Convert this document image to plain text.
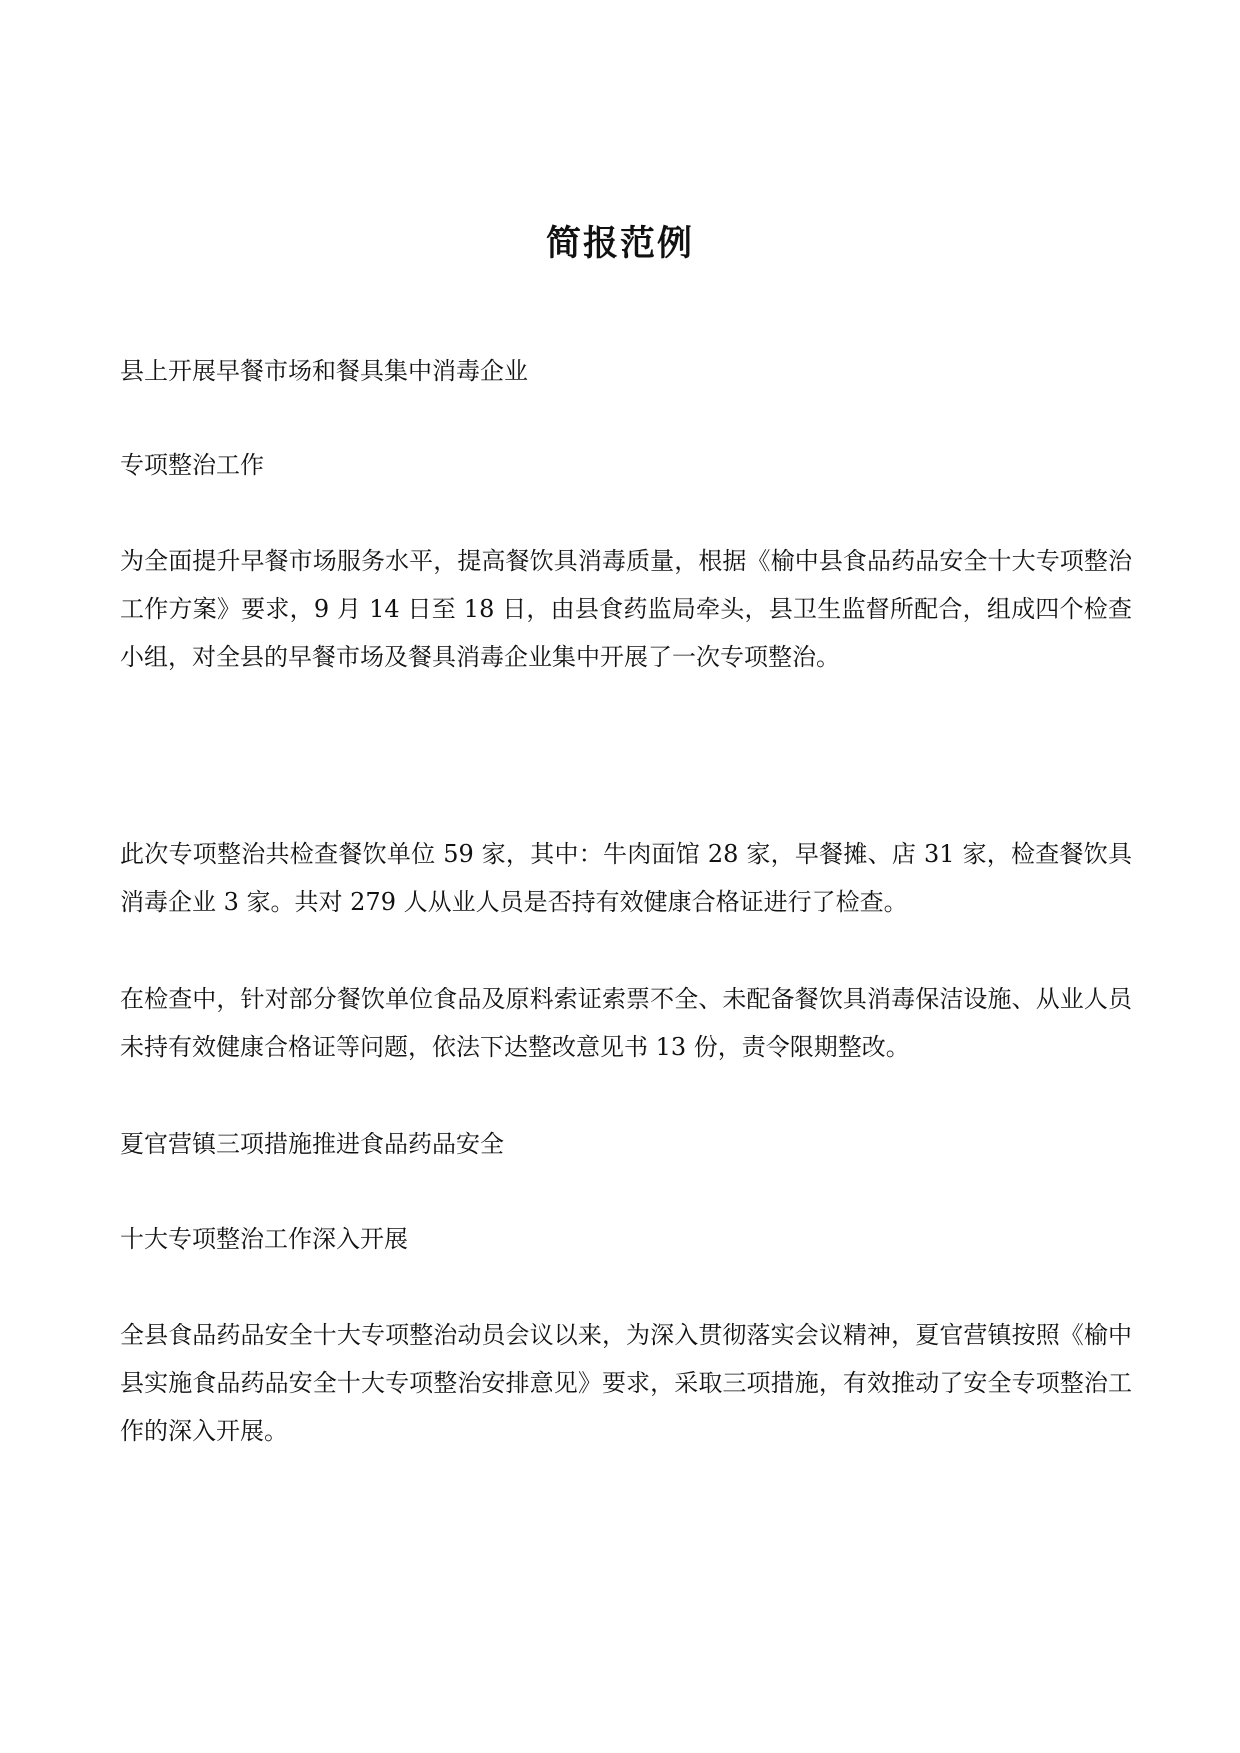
简报范例
县上开展早餐市场和餐具集中消毒企业
专项整治工作
为全面提升早餐市场服务水平，提高餐饮具消毒质量，根据《榆中县食品药品安全十大专项整治工作方案》要求，9 月 14 日至 18 日，由县食药监局牵头，县卫生监督所配合，组成四个检查小组，对全县的早餐市场及餐具消毒企业集中开展了一次专项整治。
此次专项整治共检查餐饮单位 59 家，其中：牛肉面馆 28 家，早餐摊、店 31 家，检查餐饮具消毒企业 3 家。共对 279 人从业人员是否持有效健康合格证进行了检查。
在检查中，针对部分餐饮单位食品及原料索证索票不全、未配备餐饮具消毒保洁设施、从业人员未持有效健康合格证等问题，依法下达整改意见书 13 份，责令限期整改。
夏官营镇三项措施推进食品药品安全
十大专项整治工作深入开展
全县食品药品安全十大专项整治动员会议以来，为深入贯彻落实会议精神，夏官营镇按照《榆中县实施食品药品安全十大专项整治安排意见》要求，采取三项措施，有效推动了安全专项整治工作的深入开展。
